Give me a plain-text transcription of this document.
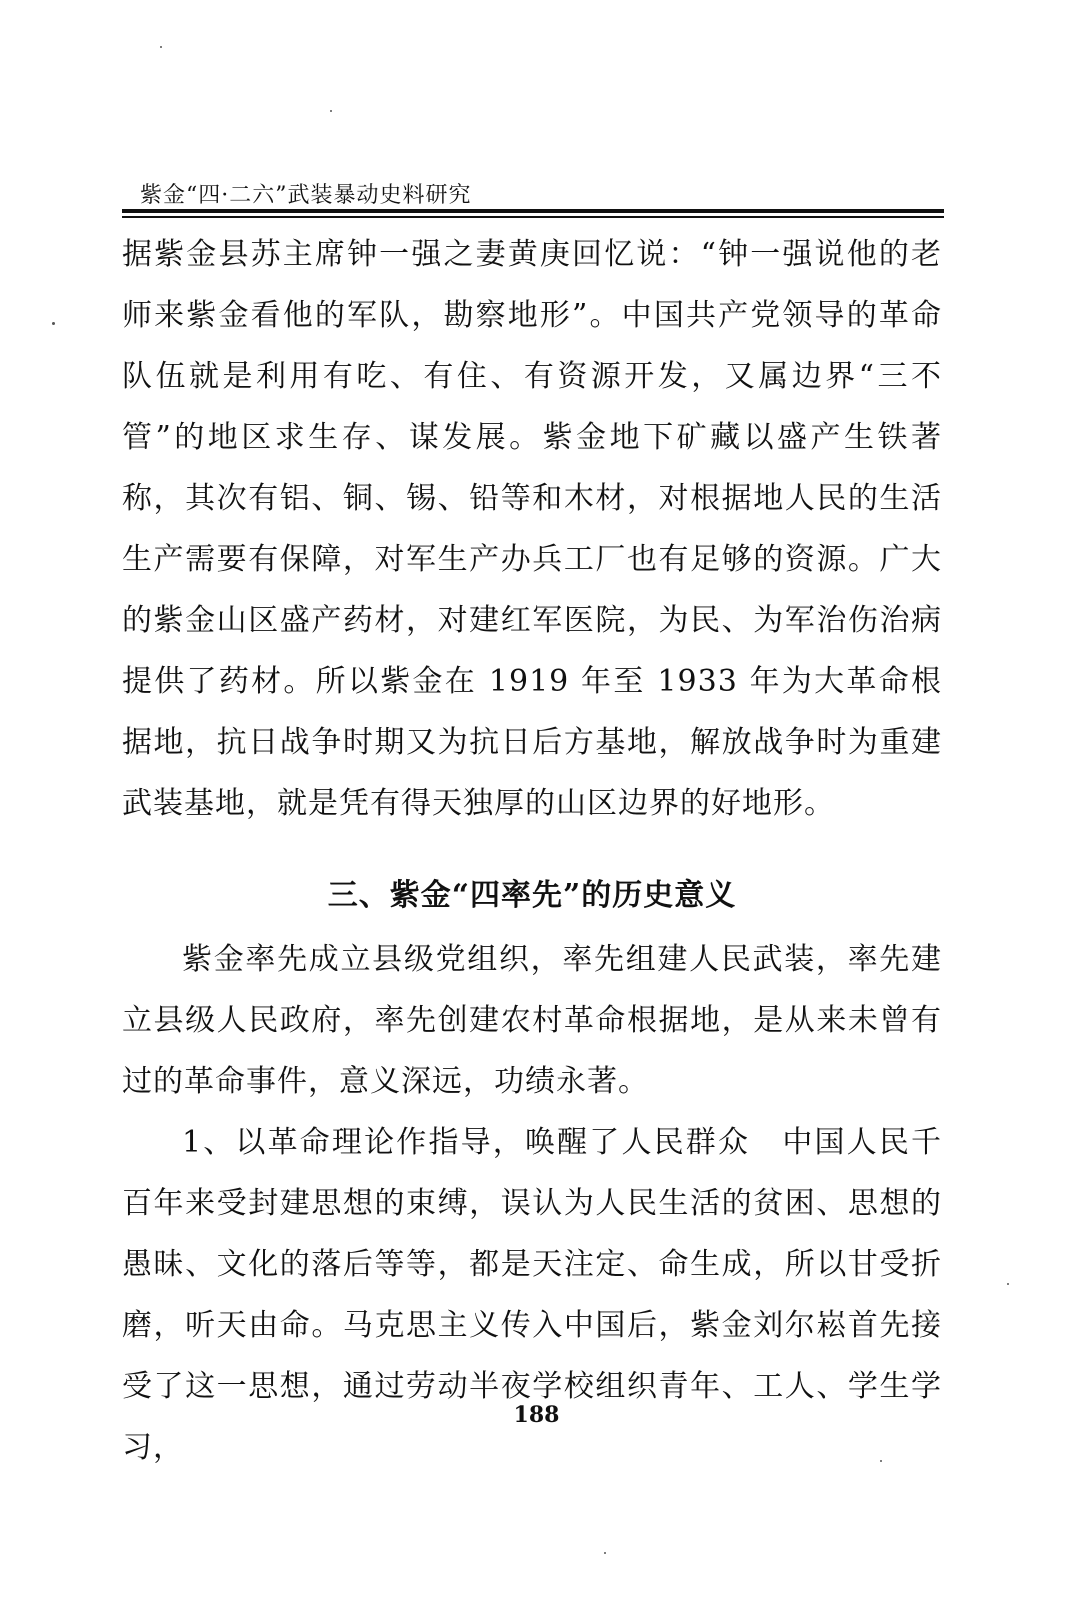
紫金“四·二六”武装暴动史料研究
据紫金县苏主席钟一强之妻黄庚回忆说：“钟一强说他的老师来紫金看他的军队，勘察地形”。中国共产党领导的革命队伍就是利用有吃、有住、有资源开发，又属边界“三不管”的地区求生存、谋发展。紫金地下矿藏以盛产生铁著称，其次有铝、铜、锡、铅等和木材，对根据地人民的生活生产需要有保障，对军生产办兵工厂也有足够的资源。广大的紫金山区盛产药材，对建红军医院，为民、为军治伤治病提供了药材。所以紫金在 1919 年至 1933 年为大革命根据地，抗日战争时期又为抗日后方基地，解放战争时为重建武装基地，就是凭有得天独厚的山区边界的好地形。
三、紫金“四率先”的历史意义
紫金率先成立县级党组织，率先组建人民武装，率先建立县级人民政府，率先创建农村革命根据地，是从来未曾有过的革命事件，意义深远，功绩永著。
1、以革命理论作指导，唤醒了人民群众　中国人民千百年来受封建思想的束缚，误认为人民生活的贫困、思想的愚昧、文化的落后等等，都是天注定、命生成，所以甘受折磨，听天由命。马克思主义传入中国后，紫金刘尔崧首先接受了这一思想，通过劳动半夜学校组织青年、工人、学生学习，
188
